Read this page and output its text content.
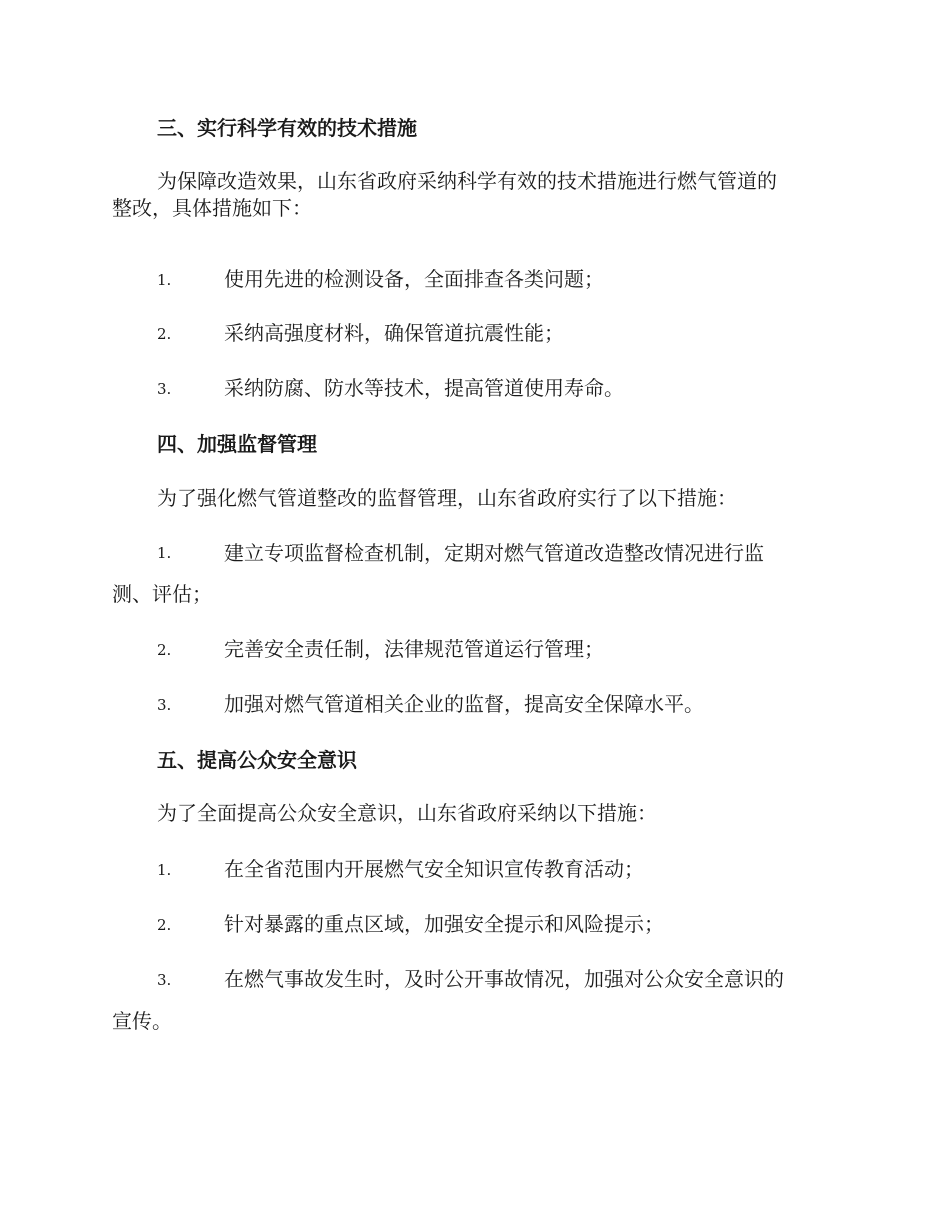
三、实行科学有效的技术措施
为保障改造效果，山东省政府采纳科学有效的技术措施进行燃气管道的
整改，具体措施如下：
1.	使用先进的检测设备，全面排查各类问题；
2.	采纳高强度材料，确保管道抗震性能；
3.	采纳防腐、防水等技术，提高管道使用寿命。
四、加强监督管理
为了强化燃气管道整改的监督管理，山东省政府实行了以下措施：
1.	建立专项监督检查机制，定期对燃气管道改造整改情况进行监
测、评估；
2.	完善安全责任制，法律规范管道运行管理；
3.	加强对燃气管道相关企业的监督，提高安全保障水平。
五、提高公众安全意识
为了全面提高公众安全意识，山东省政府采纳以下措施：
1.	在全省范围内开展燃气安全知识宣传教育活动；
2.	针对暴露的重点区域，加强安全提示和风险提示；
3.	在燃气事故发生时，及时公开事故情况，加强对公众安全意识的
宣传。
